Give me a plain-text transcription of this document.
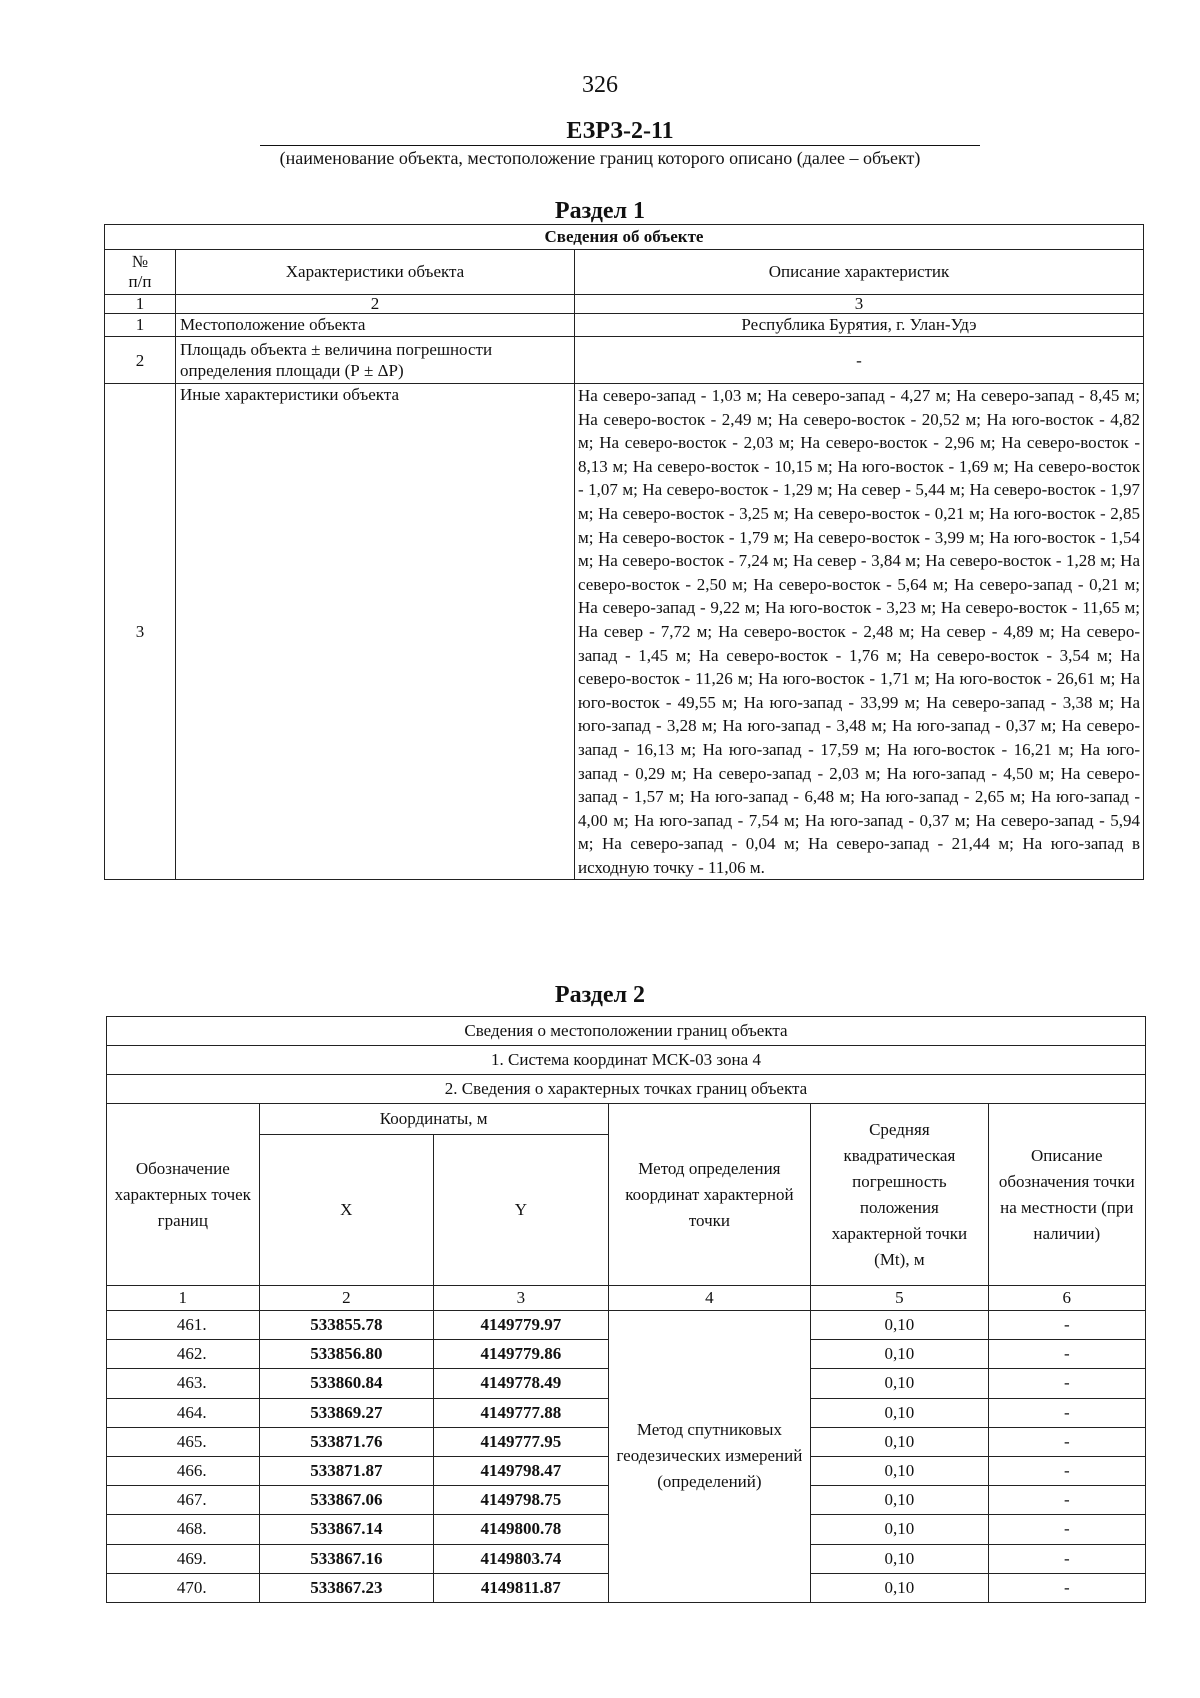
326
ЕЗРЗ-2-11
(наименование объекта, местоположение границ которого описано (далее – объект)
Раздел 1
Сведения об объекте		
№
п/п	Характеристики объекта	Описание характеристик
1	2	3
1	Местоположение объекта	Республика Бурятия, г. Улан-Удэ
2	Площадь объекта ± величина погрешности определения площади (Р ± ΔР)	-
3	Иные характеристики объекта	На северо-запад - 1,03 м; На северо-запад - 4,27 м; На северо-запад - 8,45 м; На северо-восток - 2,49 м; На северо-восток - 20,52 м; На юго-восток - 4,82 м; На северо-восток - 2,03 м; На северо-восток - 2,96 м; На северо-восток - 8,13 м; На северо-восток - 10,15 м; На юго-восток - 1,69 м; На северо-восток - 1,07 м; На северо-восток - 1,29 м; На север - 5,44 м; На северо-восток - 1,97 м; На северо-восток - 3,25 м; На северо-восток - 0,21 м; На юго-восток - 2,85 м; На северо-восток - 1,79 м; На северо-восток - 3,99 м; На юго-восток - 1,54 м; На северо-восток - 7,24 м; На север - 3,84 м; На северо-восток - 1,28 м; На северо-восток - 2,50 м; На северо-восток - 5,64 м; На северо-запад - 0,21 м; На северо-запад - 9,22 м; На юго-восток - 3,23 м; На северо-восток - 11,65 м; На север - 7,72 м; На северо-восток - 2,48 м; На север - 4,89 м; На северо-запад - 1,45 м; На северо-восток - 1,76 м; На северо-восток - 3,54 м; На северо-восток - 11,26 м; На юго-восток - 1,71 м; На юго-восток - 26,61 м; На юго-восток - 49,55 м; На юго-запад - 33,99 м; На северо-запад - 3,38 м; На юго-запад - 3,28 м; На юго-запад - 3,48 м; На юго-запад - 0,37 м; На северо-запад - 16,13 м; На юго-запад - 17,59 м; На юго-восток - 16,21 м; На юго-запад - 0,29 м; На северо-запад - 2,03 м; На юго-запад - 4,50 м; На северо-запад - 1,57 м; На юго-запад - 6,48 м; На юго-запад - 2,65 м; На юго-запад - 4,00 м; На юго-запад - 7,54 м; На юго-запад - 0,37 м; На северо-запад - 5,94 м; На северо-запад - 0,04 м; На северо-запад - 21,44 м; На юго-запад в исходную точку - 11,06 м.
Раздел 2
Сведения о местоположении границ объекта					
1. Система координат МСК-03 зона 4					
2. Сведения о характерных точках границ объекта					
Обозначение характерных точек границ	Координаты, м		Метод определения координат характерной точки	Средняя квадратическая погрешность положения характерной точки (Mt), м	Описание обозначения точки на местности (при наличии)
	X	Y			
1	2	3	4	5	6
461.	533855.78	4149779.97	Метод спутниковых геодезических измерений (определений)	0,10	-
462.	533856.80	4149779.86		0,10	-
463.	533860.84	4149778.49		0,10	-
464.	533869.27	4149777.88		0,10	-
465.	533871.76	4149777.95		0,10	-
466.	533871.87	4149798.47		0,10	-
467.	533867.06	4149798.75		0,10	-
468.	533867.14	4149800.78		0,10	-
469.	533867.16	4149803.74		0,10	-
470.	533867.23	4149811.87		0,10	-
